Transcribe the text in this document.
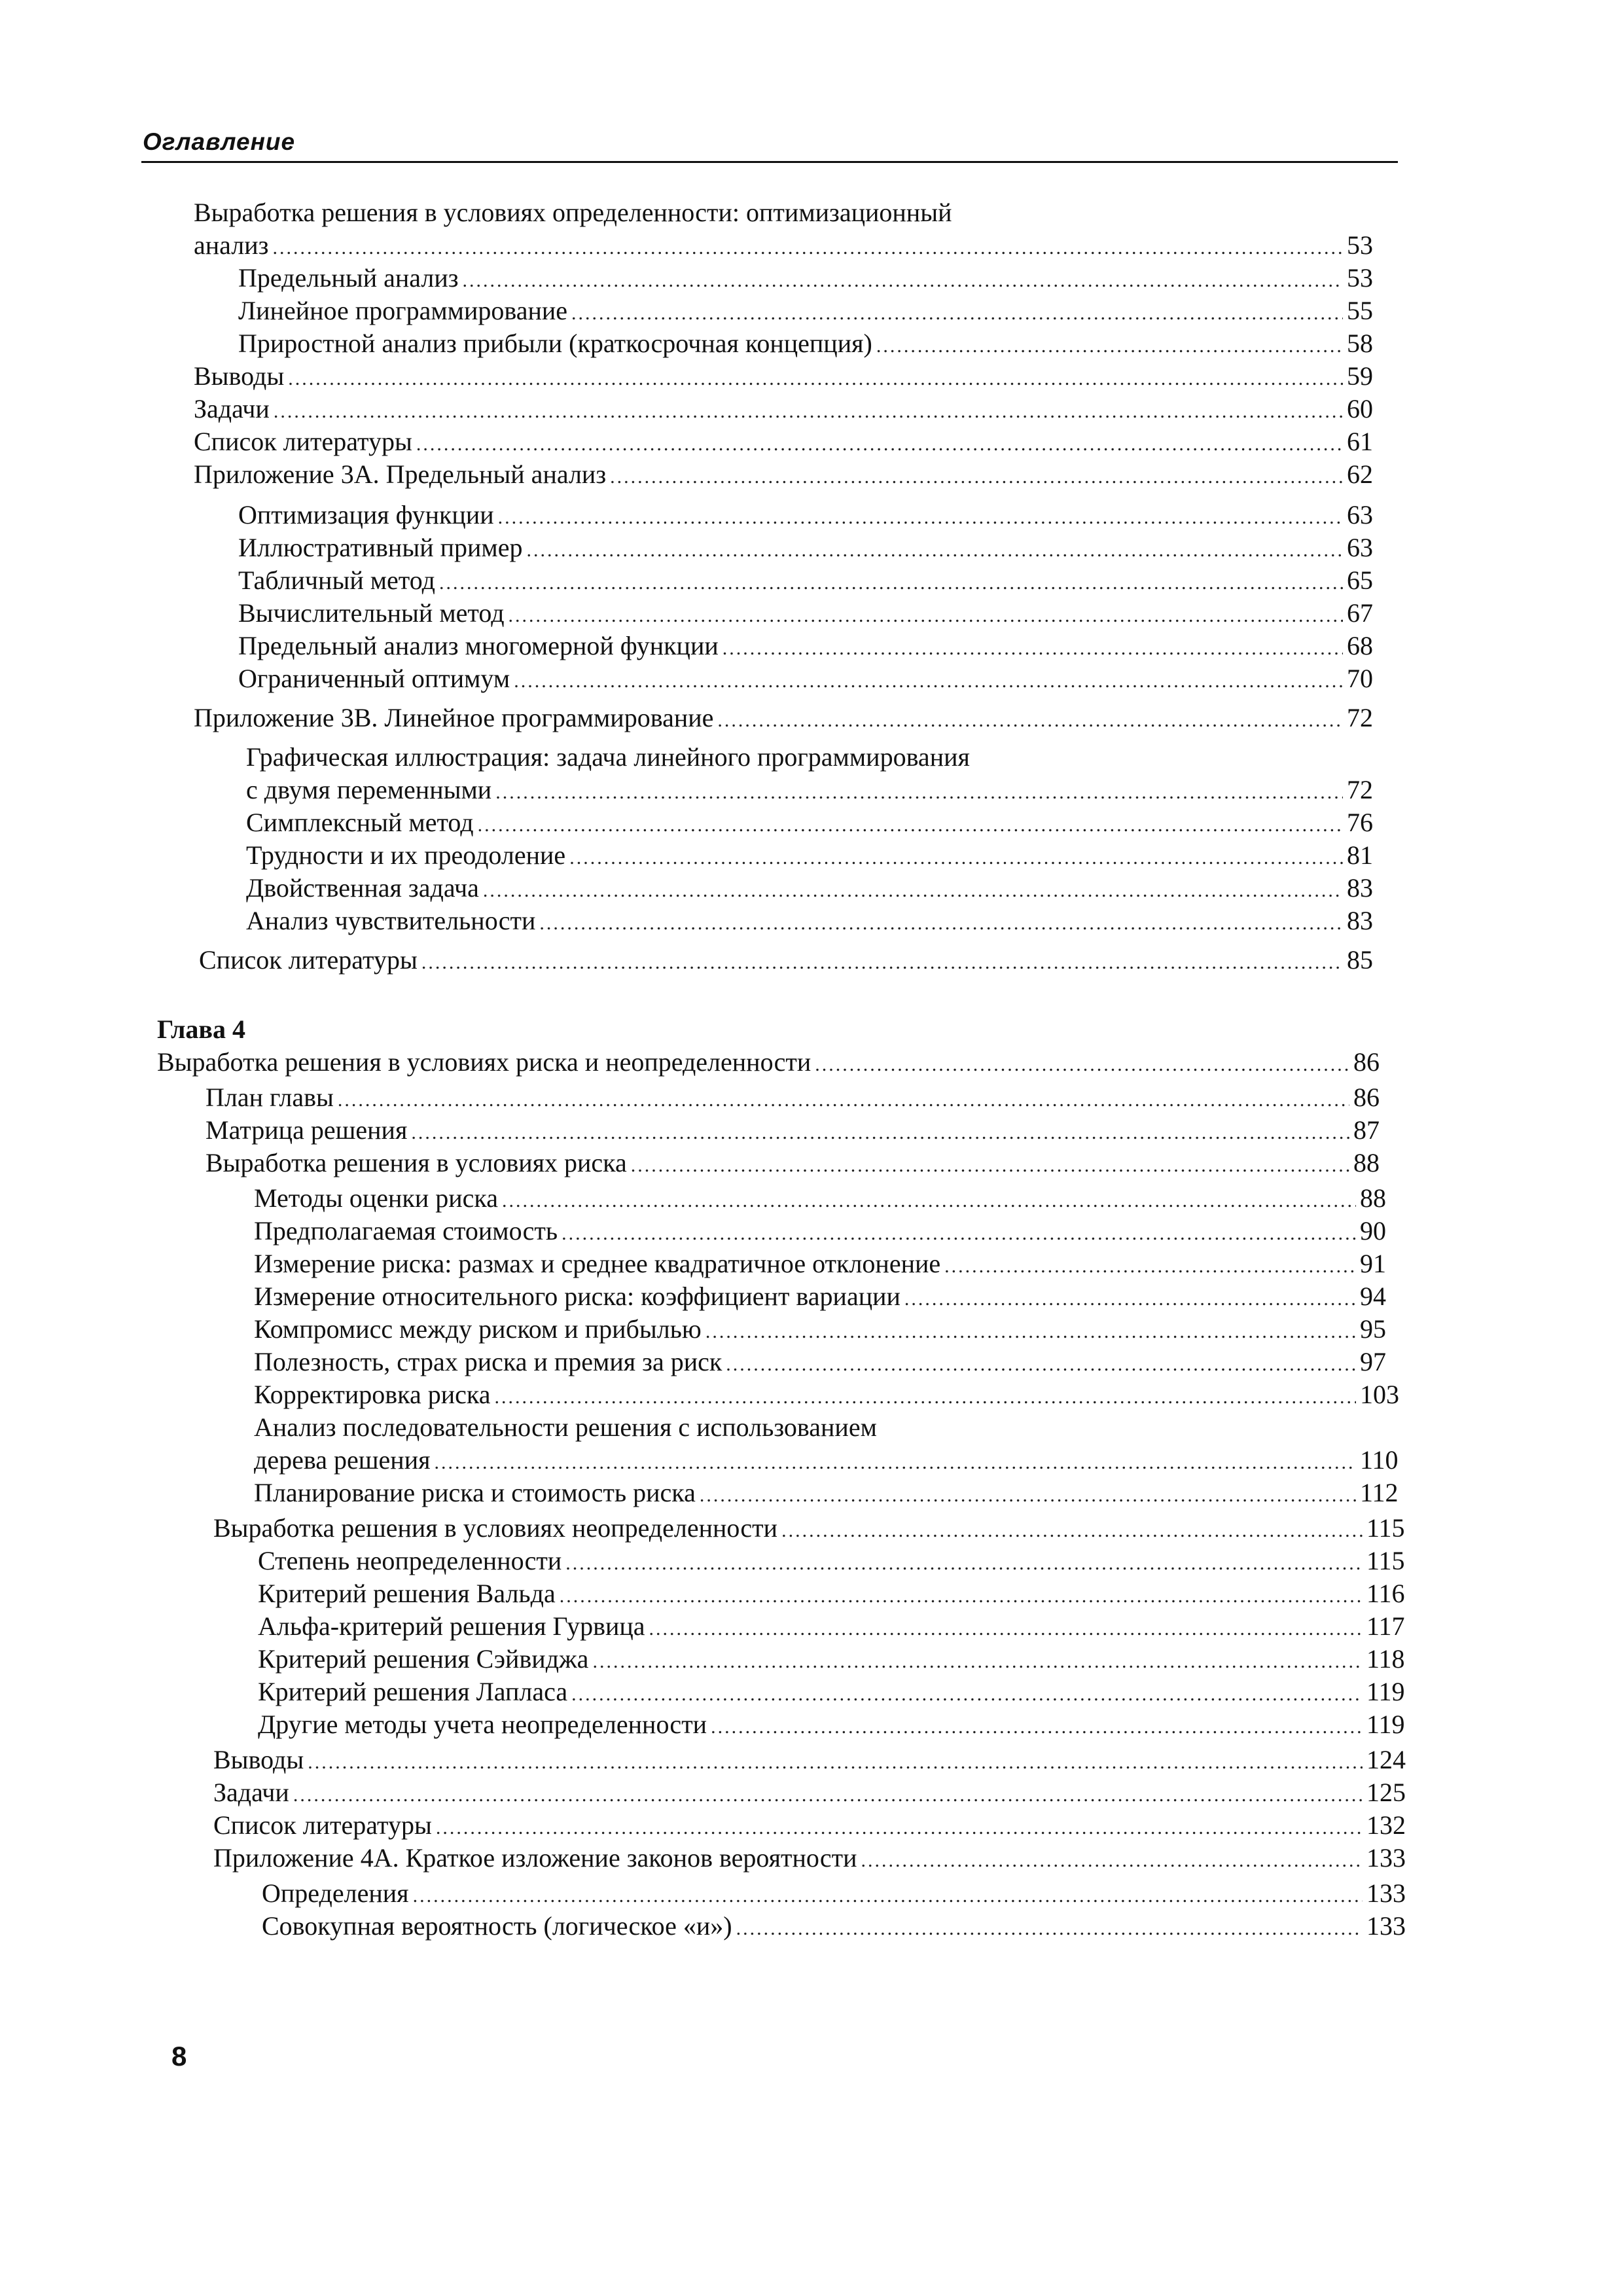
Оглавление
Глава 4
Выработка решения в условиях определенности: оптимизационный
анализ .....	53
Предельный анализ .....	53
Линейное программирование .....	55
Приростной анализ прибыли (краткосрочная концепция) .....	58
Выводы .....	59
Задачи .....	60
Список литературы .....	61
Приложение 3А. Предельный анализ .....	62
Оптимизация функции .....	63
Иллюстративный пример .....	63
Табличный метод .....	65
Вычислительный метод .....	67
Предельный анализ многомерной функции .....	68
Ограниченный оптимум .....	70
Приложение 3В. Линейное программирование .....	72
Графическая иллюстрация: задача линейного программирования
с двумя переменными .....	72
Симплексный метод .....	76
Трудности и их преодоление .....	81
Двойственная задача .....	83
Анализ чувствительности .....	83
Список литературы .....	85
Выработка решения в условиях риска и неопределенности .....	86
План главы .....	86
Матрица решения .....	87
Выработка решения в условиях риска .....	88
Методы оценки риска .....	88
Предполагаемая стоимость .....	90
Измерение риска: размах и среднее квадратичное отклонение .....	91
Измерение относительного риска: коэффициент вариации .....	94
Компромисс между риском и прибылью .....	95
Полезность, страх риска и премия за риск .....	97
Корректировка риска .....	103
Анализ последовательности решения с использованием
дерева решения .....	110
Планирование риска и стоимость риска .....	112
Выработка решения в условиях неопределенности .....	115
Степень неопределенности .....	115
Критерий решения Вальда .....	116
Альфа-критерий решения Гурвица .....	117
Критерий решения Сэйвиджа .....	118
Критерий решения Лапласа .....	119
Другие методы учета неопределенности .....	119
Выводы .....	124
Задачи .....	125
Список литературы .....	132
Приложение 4А. Краткое изложение законов вероятности .....	133
Определения .....	133
Совокупная вероятность (логическое «и») .....	133
8
